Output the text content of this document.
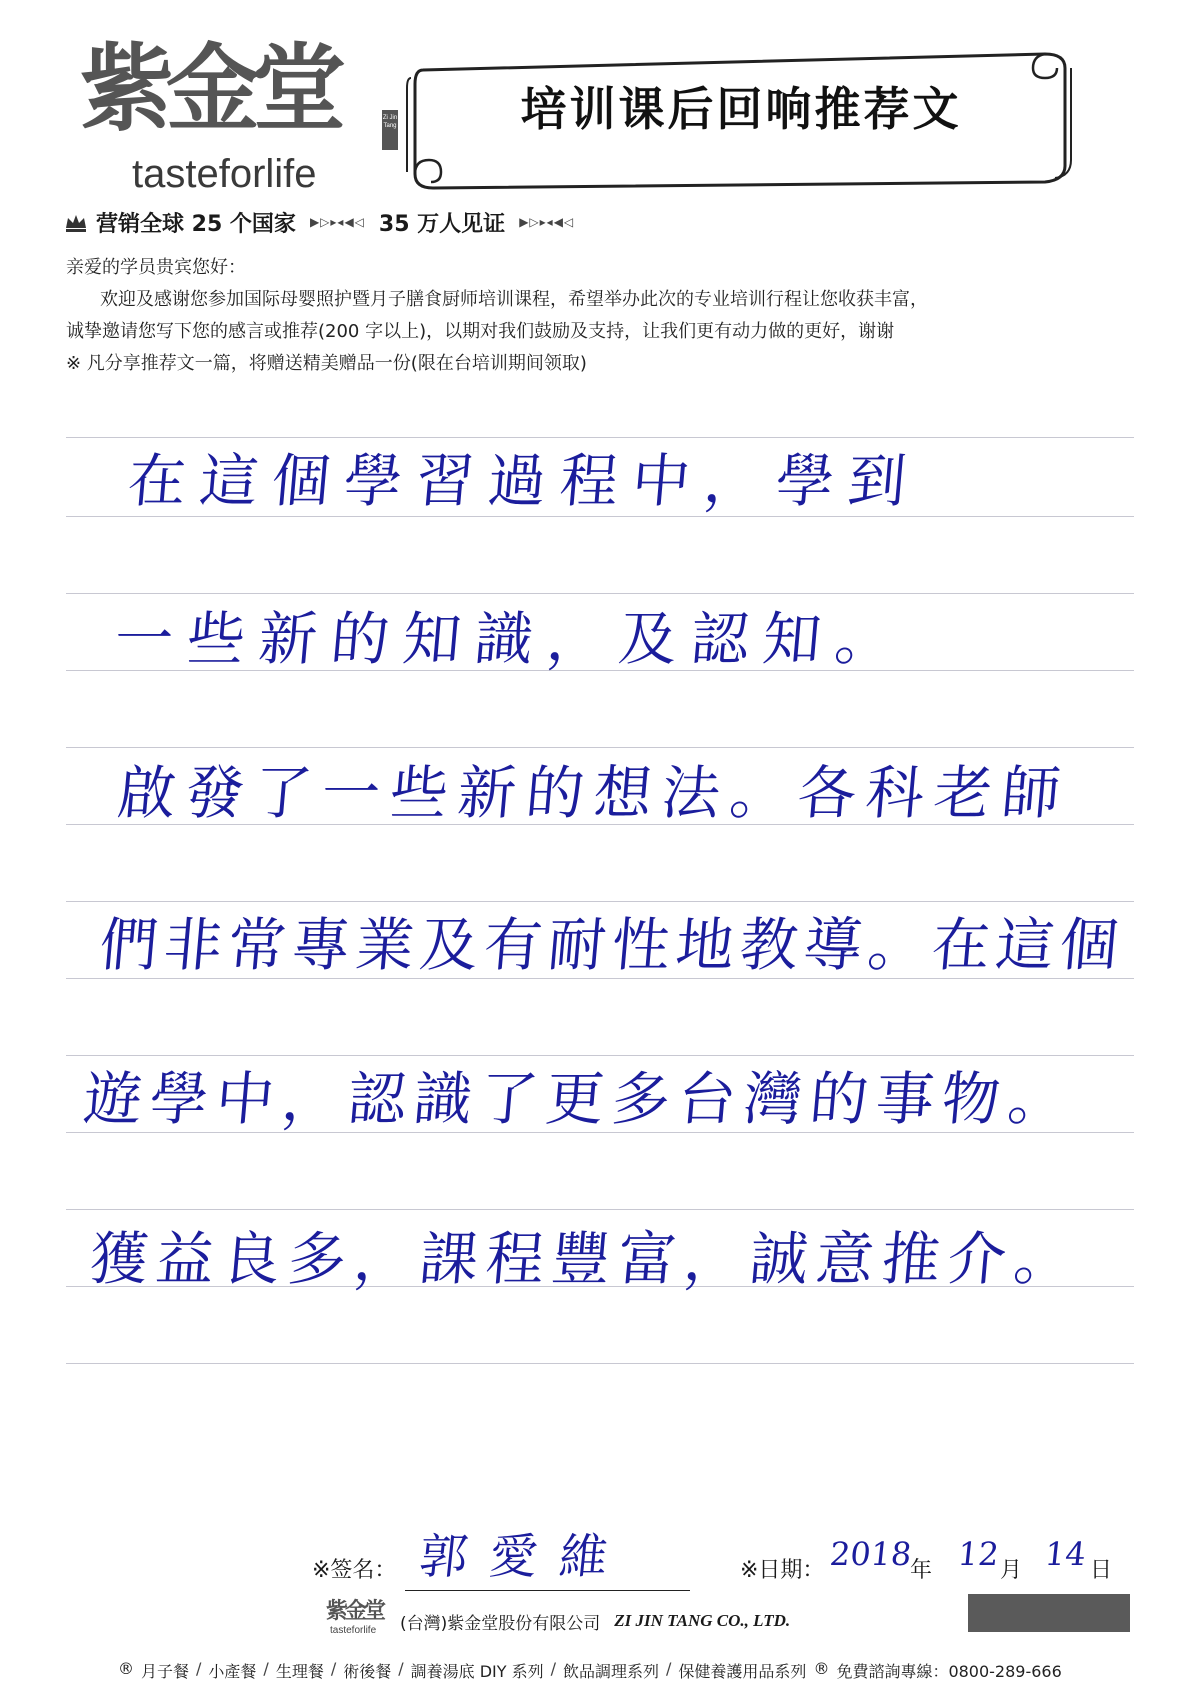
紫金堂
tasteforlife
Zi Jin Tang	培训课后回响推荐文
营销全球 25 个国家 ▶▷▸◂◀◁ 35 万人见证 ▶▷▸◂◀◁
亲爱的学员贵宾您好：
欢迎及感谢您参加国际母婴照护暨月子膳食厨师培训课程，希望举办此次的专业培训行程让您收获丰富，
诚挚邀请您写下您的感言或推荐(200 字以上)，以期对我们鼓励及支持，让我们更有动力做的更好，谢谢
※ 凡分享推荐文一篇，将赠送精美赠品一份(限在台培训期间领取)
在這個學習過程中，學到
一些新的知識，及認知。
啟發了一些新的想法。各科老師
們非常專業及有耐性地教導。在這個
遊學中，認識了更多台灣的事物。
獲益良多，課程豐富，誠意推介。
※签名： 郭愛維	※日期： 2018
年 12 月 14 日
紫金堂
tasteforlife (台灣)紫金堂股份有限公司 ZI JIN TANG CO., LTD.
® 月子餐 / 小產餐 / 生理餐 / 術後餐 / 調養湯底 DIY 系列 / 飲品調理系列 / 保健養護用品系列 ® 免費諮詢專線：0800-289-666
